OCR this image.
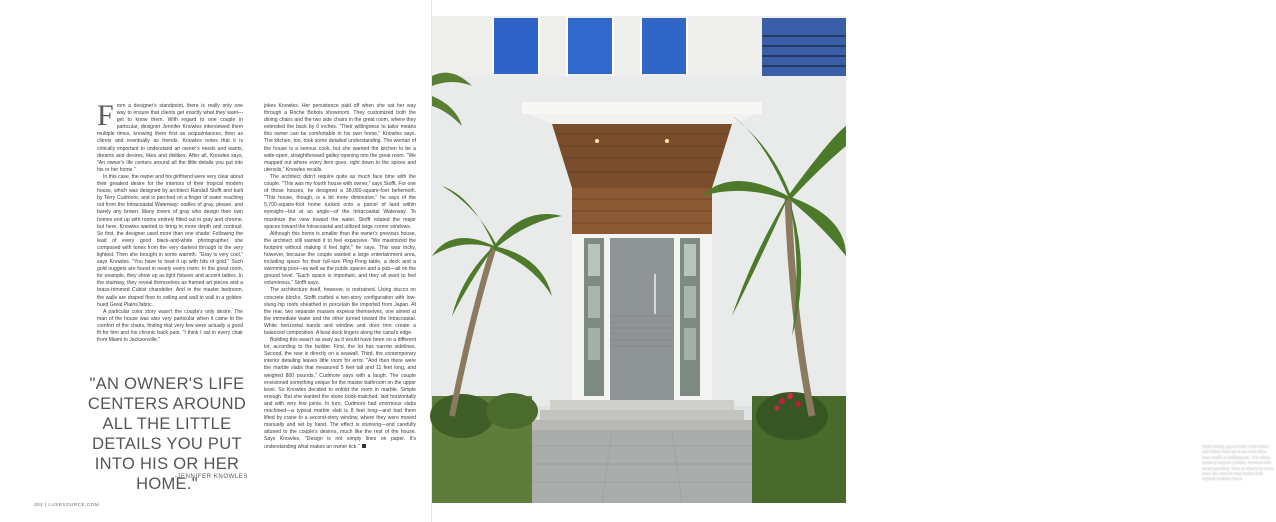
F rom a designer's standpoint, there is really only one way to ensure that clients get exactly what they want—get to know them. With regard to one couple in particular, designer Jennifer Knowles interviewed them multiple times, knowing them first as acquaintances, then as clients and eventually as friends. Knowles notes that it is critically important to understand an owner's needs and wants, dreams and desires, likes and dislikes. After all, Knowles says, "An owner's life centers around all the little details you put into his or her home."

In this case, the owner and his girlfriend were very clear about their greatest desire for the interiors of their tropical modern house, which was designed by architect Randall Stofft and built by Terry Cudmore, and is perched on a finger of water reaching out from the Intracoastal Waterway: oodles of gray, please, and barely any brown. Many lovers of gray who design their own homes end up with rooms entirely fitted out in gray and chrome, but here, Knowles wanted to bring in more depth and contrast. So first, the designer used more than one shade: Following the lead of every good black-and-white photographer, she composed with tones from the very darkest through to the very lightest. Then she brought in some warmth. "Gray is very cool," says Knowles. "You have to heat it up with hits of gold." Such gold nuggets are found in nearly every room. In the great room, for example, they show up as light fixtures and accent tables. In the stairway, they reveal themselves as framed art pieces and a brass-trimmed Cubist chandelier. And in the master bedroom, the walls are draped floor to ceiling and wall to wall in a golden-hued Great Plains fabric.

A particular color story wasn't the couple's only desire. The man of the house was also very particular when it came to the comfort of the chairs, finding that very few were actually a good fit for him and his chronic back pain. "I think I sat in every chair from Miami to Jacksonville,"

jokes Knowles. Her persistence paid off when she sat her way through a Roche Bobois showroom. They customized both the dining chairs and the two side chairs in the great room, where they extended the back by 6 inches. "Their willingness to tailor means this owner can be comfortable in his own home," Knowles says. The kitchen, too, took some detailed understanding. The woman of the house is a serious cook, but she wanted the kitchen to be a wide-open, straightforward galley opening into the great room. "We mapped out where every item goes, right down to the spices and utensils," Knowles recalls.

The architect didn't require quite as much face time with the couple. "This was my fourth house with owner," says Stofft. For one of those houses, he designed a 38,000-square-foot behemoth. "This house, though, is a bit more diminutive," he says of the 5,700-square-foot home tucked onto a parcel of land within eyesight—but at an angle—of the Intracoastal Waterway. To maximize the view toward the water, Stofft rotated the major spaces toward the Intracoastal and utilized large corner windows.

Although this home is smaller than the owner's previous house, the architect still wanted it to feel expansive. "We maximized the footprint without making it feel tight," he says. This was tricky, however, because the couple wanted a large entertainment area, including space for their full-size Ping-Pong table, a deck and a swimming pool—as well as the public spaces and a pub—all on the ground level. "Each space is important, and they all want to feel voluminous," Stofft says.

The architecture itself, however, is restrained. Using stucco on concrete blocks, Stofft crafted a two-story configuration with low-slung hip roofs sheathed in porcelain tile imported from Japan. At the rear, two separate masses express themselves, one aimed at the immediate water and the other turned toward the Intracoastal. White horizontal bands and window and door trim create a balanced composition. A boat dock lingers along the canal's edge.

Building this wasn't as easy as it would have been on a different lot, according to the builder. First, the lot has narrow sidelines. Second, the rear is directly on a seawall. Third, the contemporary interior detailing leaves little room for error. "And then there were the marble slabs that measured 5 feet tall and 11 feet long, and weighed 800 pounds," Cudmore says with a laugh. The couple envisioned something unique for the master bathroom on the upper level. So Knowles decided to enfold the room in marble. Simple enough. But she wanted the stone book-matched, laid horizontally and with very few joints. In turn, Cudmore had enormous slabs machined—a typical marble slab is 8 feet long—and had them lifted by crane to a second-story window, where they were moved manually and set by hand. The effect is stunning—and carefully attuned to the couple's desires, much like the rest of the house. Says Knowles, "Design is not simply lines on paper. It's understanding what makes an owner tick."

"AN OWNER'S LIFE CENTERS AROUND ALL THE LITTLE DETAILS YOU PUT INTO HIS OR HER HOME."
-JENNIFER KNOWLES
302 | LUXESOURCE.COM
Earth-toned pavers from Cabo Brick and Stone lead up to an entry door from Smith & Dobbelaere. The white-washed exterior palette, warmed with wood paneling, hints at what's to come once the owners step inside their tropical modern home.
